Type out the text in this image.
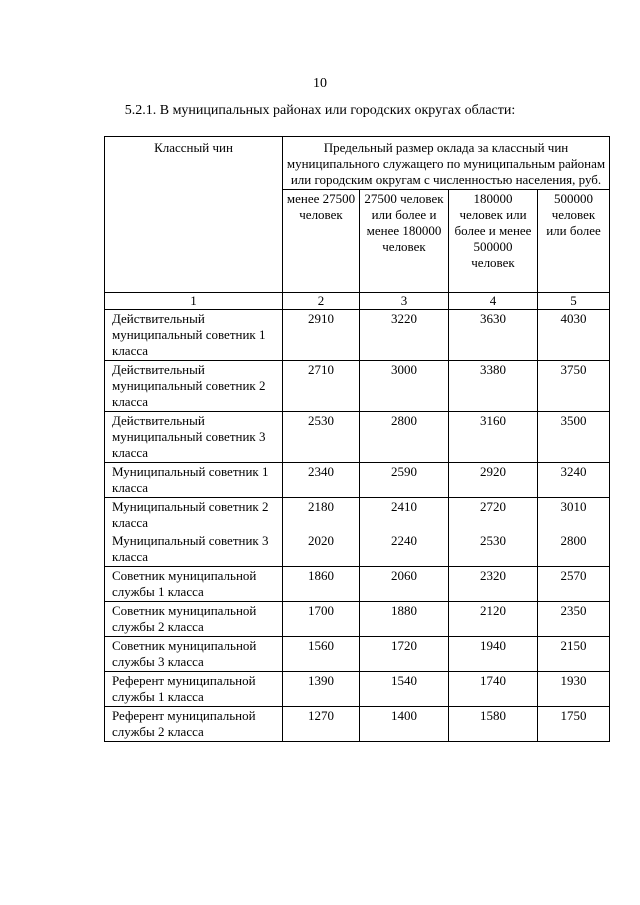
10
5.2.1. В муниципальных районах или городских округах области:
Классный чин	Предельный размер оклада за классный чин муниципального служащего по муниципальным районам или городским округам с численностью населения, руб.			
	менее 27500 человек	27500 человек или более и менее 180000 человек	180000 человек или более и менее 500000 человек	500000 человек или более
1	2	3	4	5
Действительный муниципальный советник 1 класса	2910	3220	3630	4030
Действительный муниципальный советник 2 класса	2710	3000	3380	3750
Действительный муниципальный советник 3 класса	2530	2800	3160	3500
Муниципальный советник 1 класса	2340	2590	2920	3240
Муниципальный советник 2 класса	2180	2410	2720	3010
Муниципальный советник 3 класса	2020	2240	2530	2800
Советник муниципальной службы 1 класса	1860	2060	2320	2570
Советник муниципальной службы 2 класса	1700	1880	2120	2350
Советник муниципальной службы 3 класса	1560	1720	1940	2150
Референт муниципальной службы 1 класса	1390	1540	1740	1930
Референт муниципальной службы 2 класса	1270	1400	1580	1750
